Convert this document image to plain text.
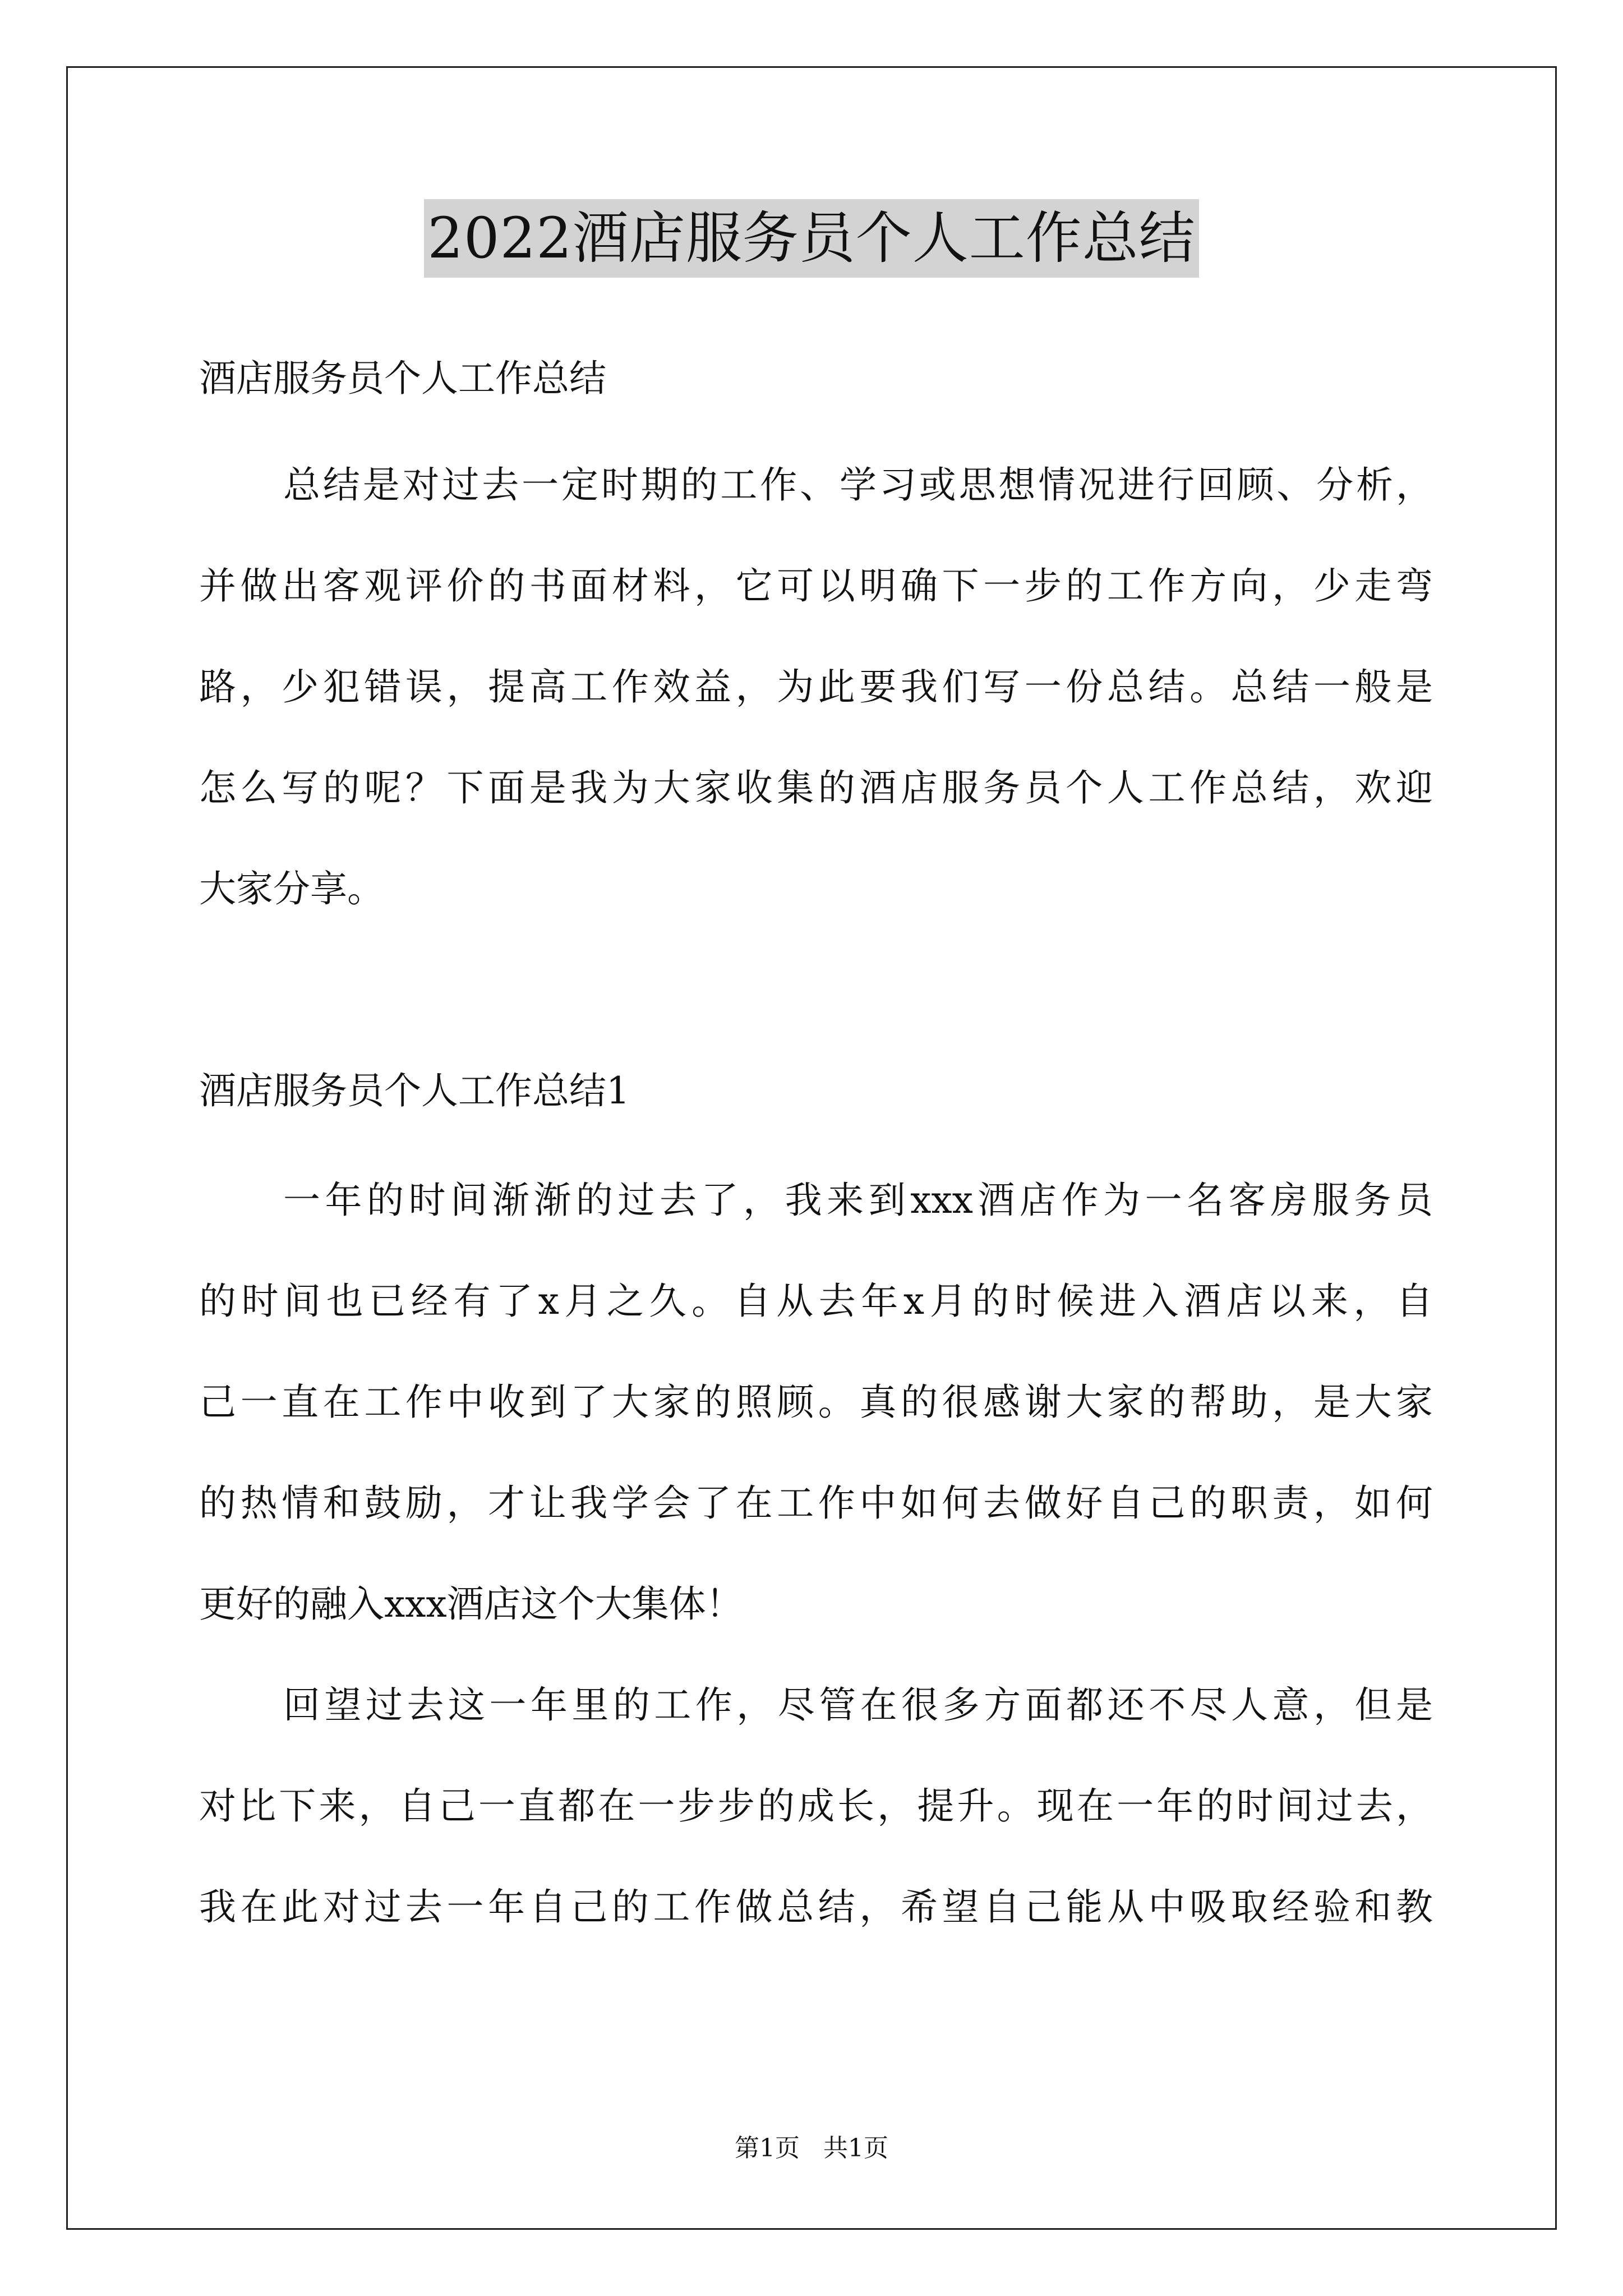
2022酒店服务员个人工作总结
酒店服务员个人工作总结
总结是对过去一定时期的工作、学习或思想情况进行回顾、分析，
并做出客观评价的书面材料，它可以明确下一步的工作方向，少走弯
路，少犯错误，提高工作效益，为此要我们写一份总结。总结一般是
怎么写的呢？下面是我为大家收集的酒店服务员个人工作总结，欢迎
大家分享。
酒店服务员个人工作总结1
一年的时间渐渐的过去了，我来到xxx酒店作为一名客房服务员
的时间也已经有了x月之久。自从去年x月的时候进入酒店以来，自
己一直在工作中收到了大家的照顾。真的很感谢大家的帮助，是大家
的热情和鼓励，才让我学会了在工作中如何去做好自己的职责，如何
更好的融入xxx酒店这个大集体！
回望过去这一年里的工作，尽管在很多方面都还不尽人意，但是
对比下来，自己一直都在一步步的成长，提升。现在一年的时间过去，
我在此对过去一年自己的工作做总结，希望自己能从中吸取经验和教
第1页   共1页
